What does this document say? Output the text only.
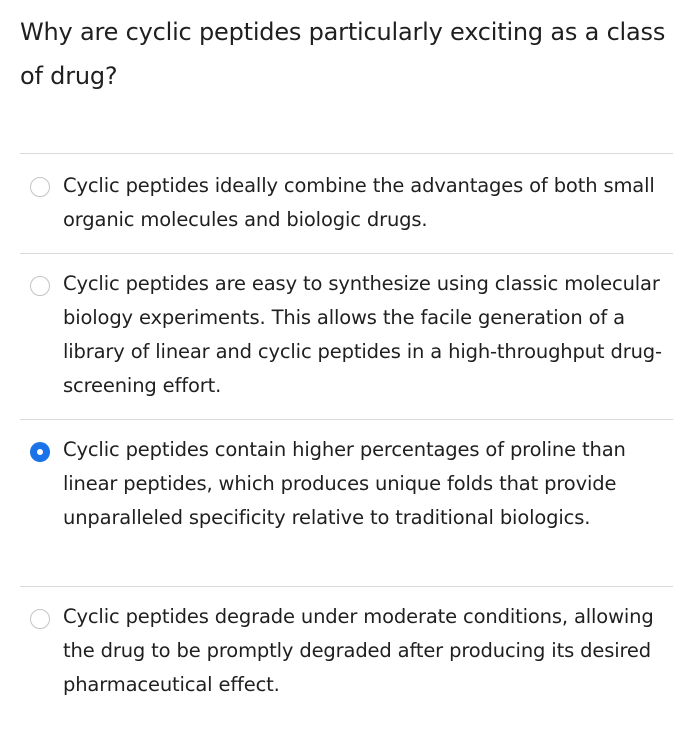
Why are cyclic peptides particularly exciting as a class of drug?
Cyclic peptides ideally combine the advantages of both small organic molecules and biologic drugs.
Cyclic peptides are easy to synthesize using classic molecular biology experiments. This allows the facile generation of a library of linear and cyclic peptides in a high-throughput drug-screening effort.
Cyclic peptides contain higher percentages of proline than linear peptides, which produces unique folds that provide unparalleled specificity relative to traditional biologics.
Cyclic peptides degrade under moderate conditions, allowing the drug to be promptly degraded after producing its desired pharmaceutical effect.
